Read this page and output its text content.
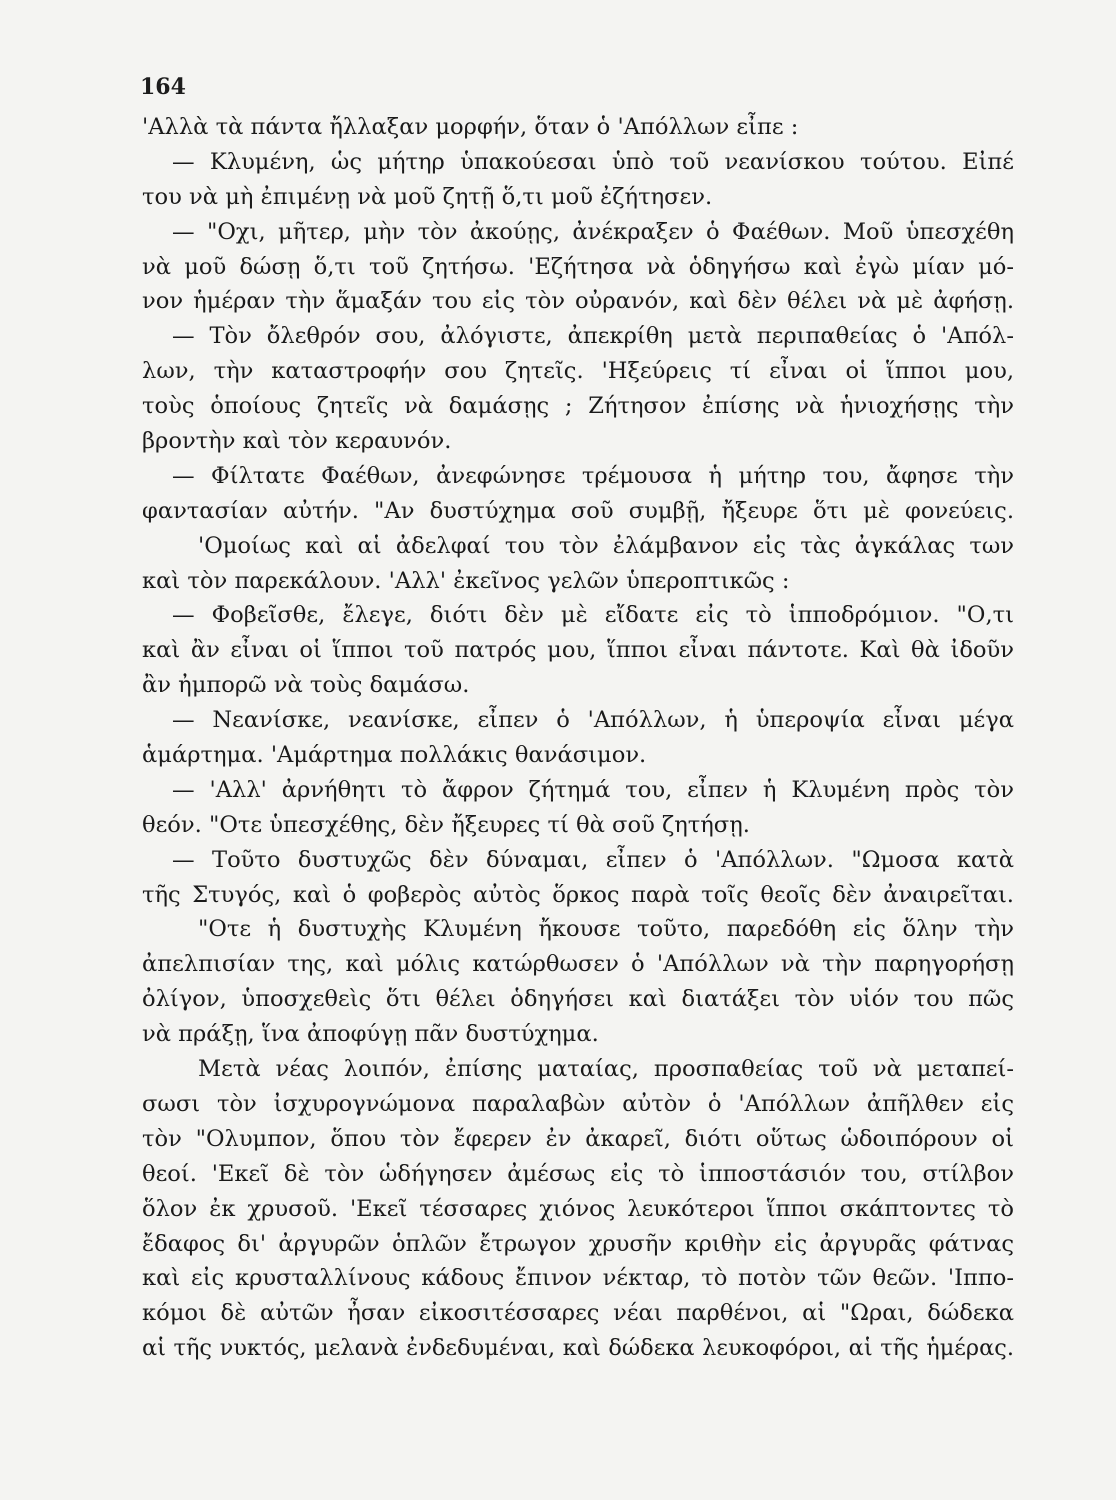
164
'Αλλὰ τὰ πάντα ἤλλαξαν μορφήν, ὅταν ὁ 'Απόλλων εἶπε :
— Κλυμένη, ὡς μήτηρ ὑπακούεσαι ὑπὸ τοῦ νεανίσκου τούτου. Εἰπέ
του νὰ μὴ ἐπιμένῃ νὰ μοῦ ζητῇ ὅ,τι μοῦ ἐζήτησεν.
— "Οχι, μῆτερ, μὴν τὸν ἀκούῃς, ἀνέκραξεν ὁ Φαέθων. Μοῦ ὑπεσχέθη
νὰ μοῦ δώσῃ ὅ,τι τοῦ ζητήσω. 'Εζήτησα νὰ ὁδηγήσω καὶ ἐγὼ μίαν μό-
νον ἡμέραν τὴν ἅμαξάν του εἰς τὸν οὐρανόν, καὶ δὲν θέλει νὰ μὲ ἀφήσῃ.
— Τὸν ὄλεθρόν σου, ἀλόγιστε, ἀπεκρίθη μετὰ περιπαθείας ὁ 'Απόλ-
λων, τὴν καταστροφήν σου ζητεῖς. 'Ηξεύρεις τί εἶναι οἱ ἵπποι μου,
τοὺς ὁποίους ζητεῖς νὰ δαμάσῃς ; Ζήτησον ἐπίσης νὰ ἡνιοχήσῃς τὴν
βροντὴν καὶ τὸν κεραυνόν.
— Φίλτατε Φαέθων, ἀνεφώνησε τρέμουσα ἡ μήτηρ του, ἄφησε τὴν
φαντασίαν αὐτήν. "Αν δυστύχημα σοῦ συμβῇ, ἤξευρε ὅτι μὲ φονεύεις.
'Ομοίως καὶ αἱ ἀδελφαί του τὸν ἐλάμβανον εἰς τὰς ἀγκάλας των
καὶ τὸν παρεκάλουν. 'Αλλ' ἐκεῖνος γελῶν ὑπεροπτικῶς :
— Φοβεῖσθε, ἔλεγε, διότι δὲν μὲ εἴδατε εἰς τὸ ἱπποδρόμιον. "Ο,τι
καὶ ἂν εἶναι οἱ ἵπποι τοῦ πατρός μου, ἵπποι εἶναι πάντοτε. Καὶ θὰ ἰδοῦν
ἂν ἠμπορῶ νὰ τοὺς δαμάσω.
— Νεανίσκε, νεανίσκε, εἶπεν ὁ 'Απόλλων, ἡ ὑπεροψία εἶναι μέγα
ἁμάρτημα. 'Αμάρτημα πολλάκις θανάσιμον.
— 'Αλλ' ἀρνήθητι τὸ ἄφρον ζήτημά του, εἶπεν ἡ Κλυμένη πρὸς τὸν
θεόν. "Οτε ὑπεσχέθης, δὲν ἤξευρες τί θὰ σοῦ ζητήσῃ.
— Τοῦτο δυστυχῶς δὲν δύναμαι, εἶπεν ὁ 'Απόλλων. "Ωμοσα κατὰ
τῆς Στυγός, καὶ ὁ φοβερὸς αὐτὸς ὅρκος παρὰ τοῖς θεοῖς δὲν ἀναιρεῖται.
"Οτε ἡ δυστυχὴς Κλυμένη ἤκουσε τοῦτο, παρεδόθη εἰς ὅλην τὴν
ἀπελπισίαν της, καὶ μόλις κατώρθωσεν ὁ 'Απόλλων νὰ τὴν παρηγορήσῃ
ὀλίγον, ὑποσχεθεὶς ὅτι θέλει ὁδηγήσει καὶ διατάξει τὸν υἱόν του πῶς
νὰ πράξῃ, ἵνα ἀποφύγῃ πᾶν δυστύχημα.
Μετὰ νέας λοιπόν, ἐπίσης ματαίας, προσπαθείας τοῦ νὰ μεταπεί-
σωσι τὸν ἰσχυρογνώμονα παραλαβὼν αὐτὸν ὁ 'Απόλλων ἀπῆλθεν εἰς
τὸν "Ολυμπον, ὅπου τὸν ἔφερεν ἐν ἀκαρεῖ, διότι οὕτως ὡδοιπόρουν οἱ
θεοί. 'Εκεῖ δὲ τὸν ὡδήγησεν ἀμέσως εἰς τὸ ἱπποστάσιόν του, στίλβον
ὅλον ἐκ χρυσοῦ. 'Εκεῖ τέσσαρες χιόνος λευκότεροι ἵπποι σκάπτοντες τὸ
ἔδαφος δι' ἀργυρῶν ὁπλῶν ἔτρωγον χρυσῆν κριθὴν εἰς ἀργυρᾶς φάτνας
καὶ εἰς κρυσταλλίνους κάδους ἔπινον νέκταρ, τὸ ποτὸν τῶν θεῶν. 'Ιππο-
κόμοι δὲ αὐτῶν ἦσαν εἰκοσιτέσσαρες νέαι παρθένοι, αἱ "Ωραι, δώδεκα
αἱ τῆς νυκτός, μελανὰ ἐνδεδυμέναι, καὶ δώδεκα λευκοφόροι, αἱ τῆς ἡμέρας.
